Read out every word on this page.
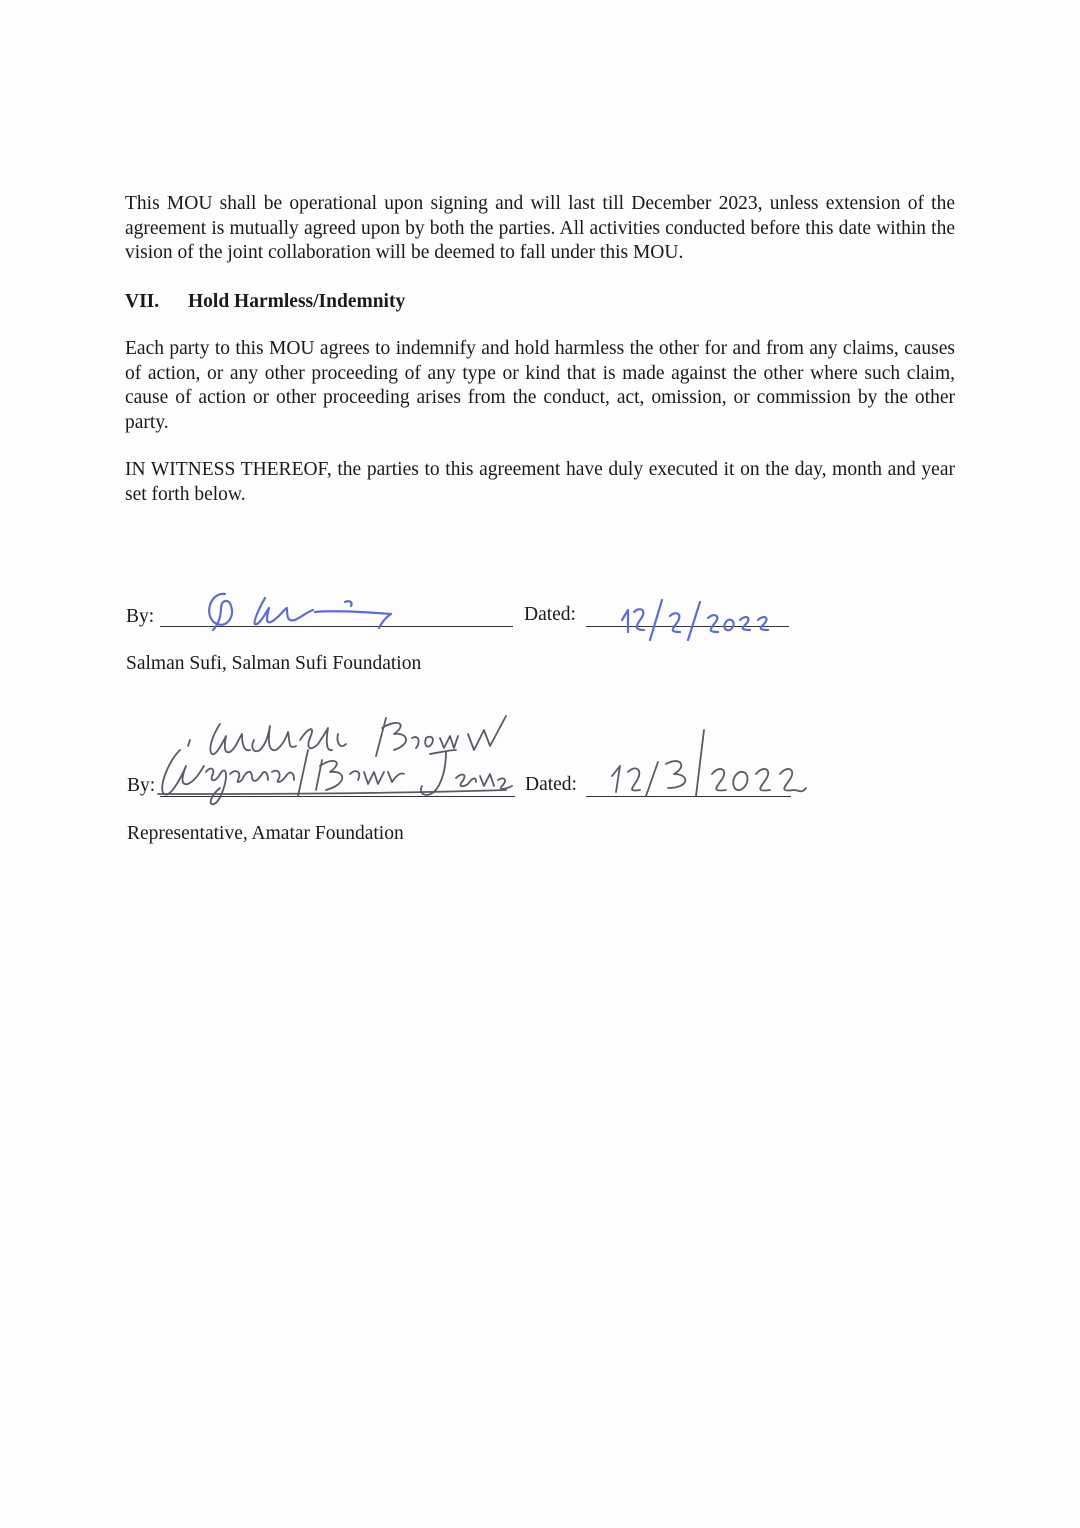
This MOU shall be operational upon signing and will last till December 2023, unless extension of the agreement is mutually agreed upon by both the parties. All activities conducted before this date within the vision of the joint collaboration will be deemed to fall under this MOU.

VII. Hold Harmless/Indemnity

Each party to this MOU agrees to indemnify and hold harmless the other for and from any claims, causes of action, or any other proceeding of any type or kind that is made against the other where such claim, cause of action or other proceeding arises from the conduct, act, omission, or commission by the other party.

IN WITNESS THEREOF, the parties to this agreement have duly executed it on the day, month and year set forth below.

By:	Dated:
Salman Sufi, Salman Sufi Foundation
By:	Dated:
Representative, Amatar Foundation
